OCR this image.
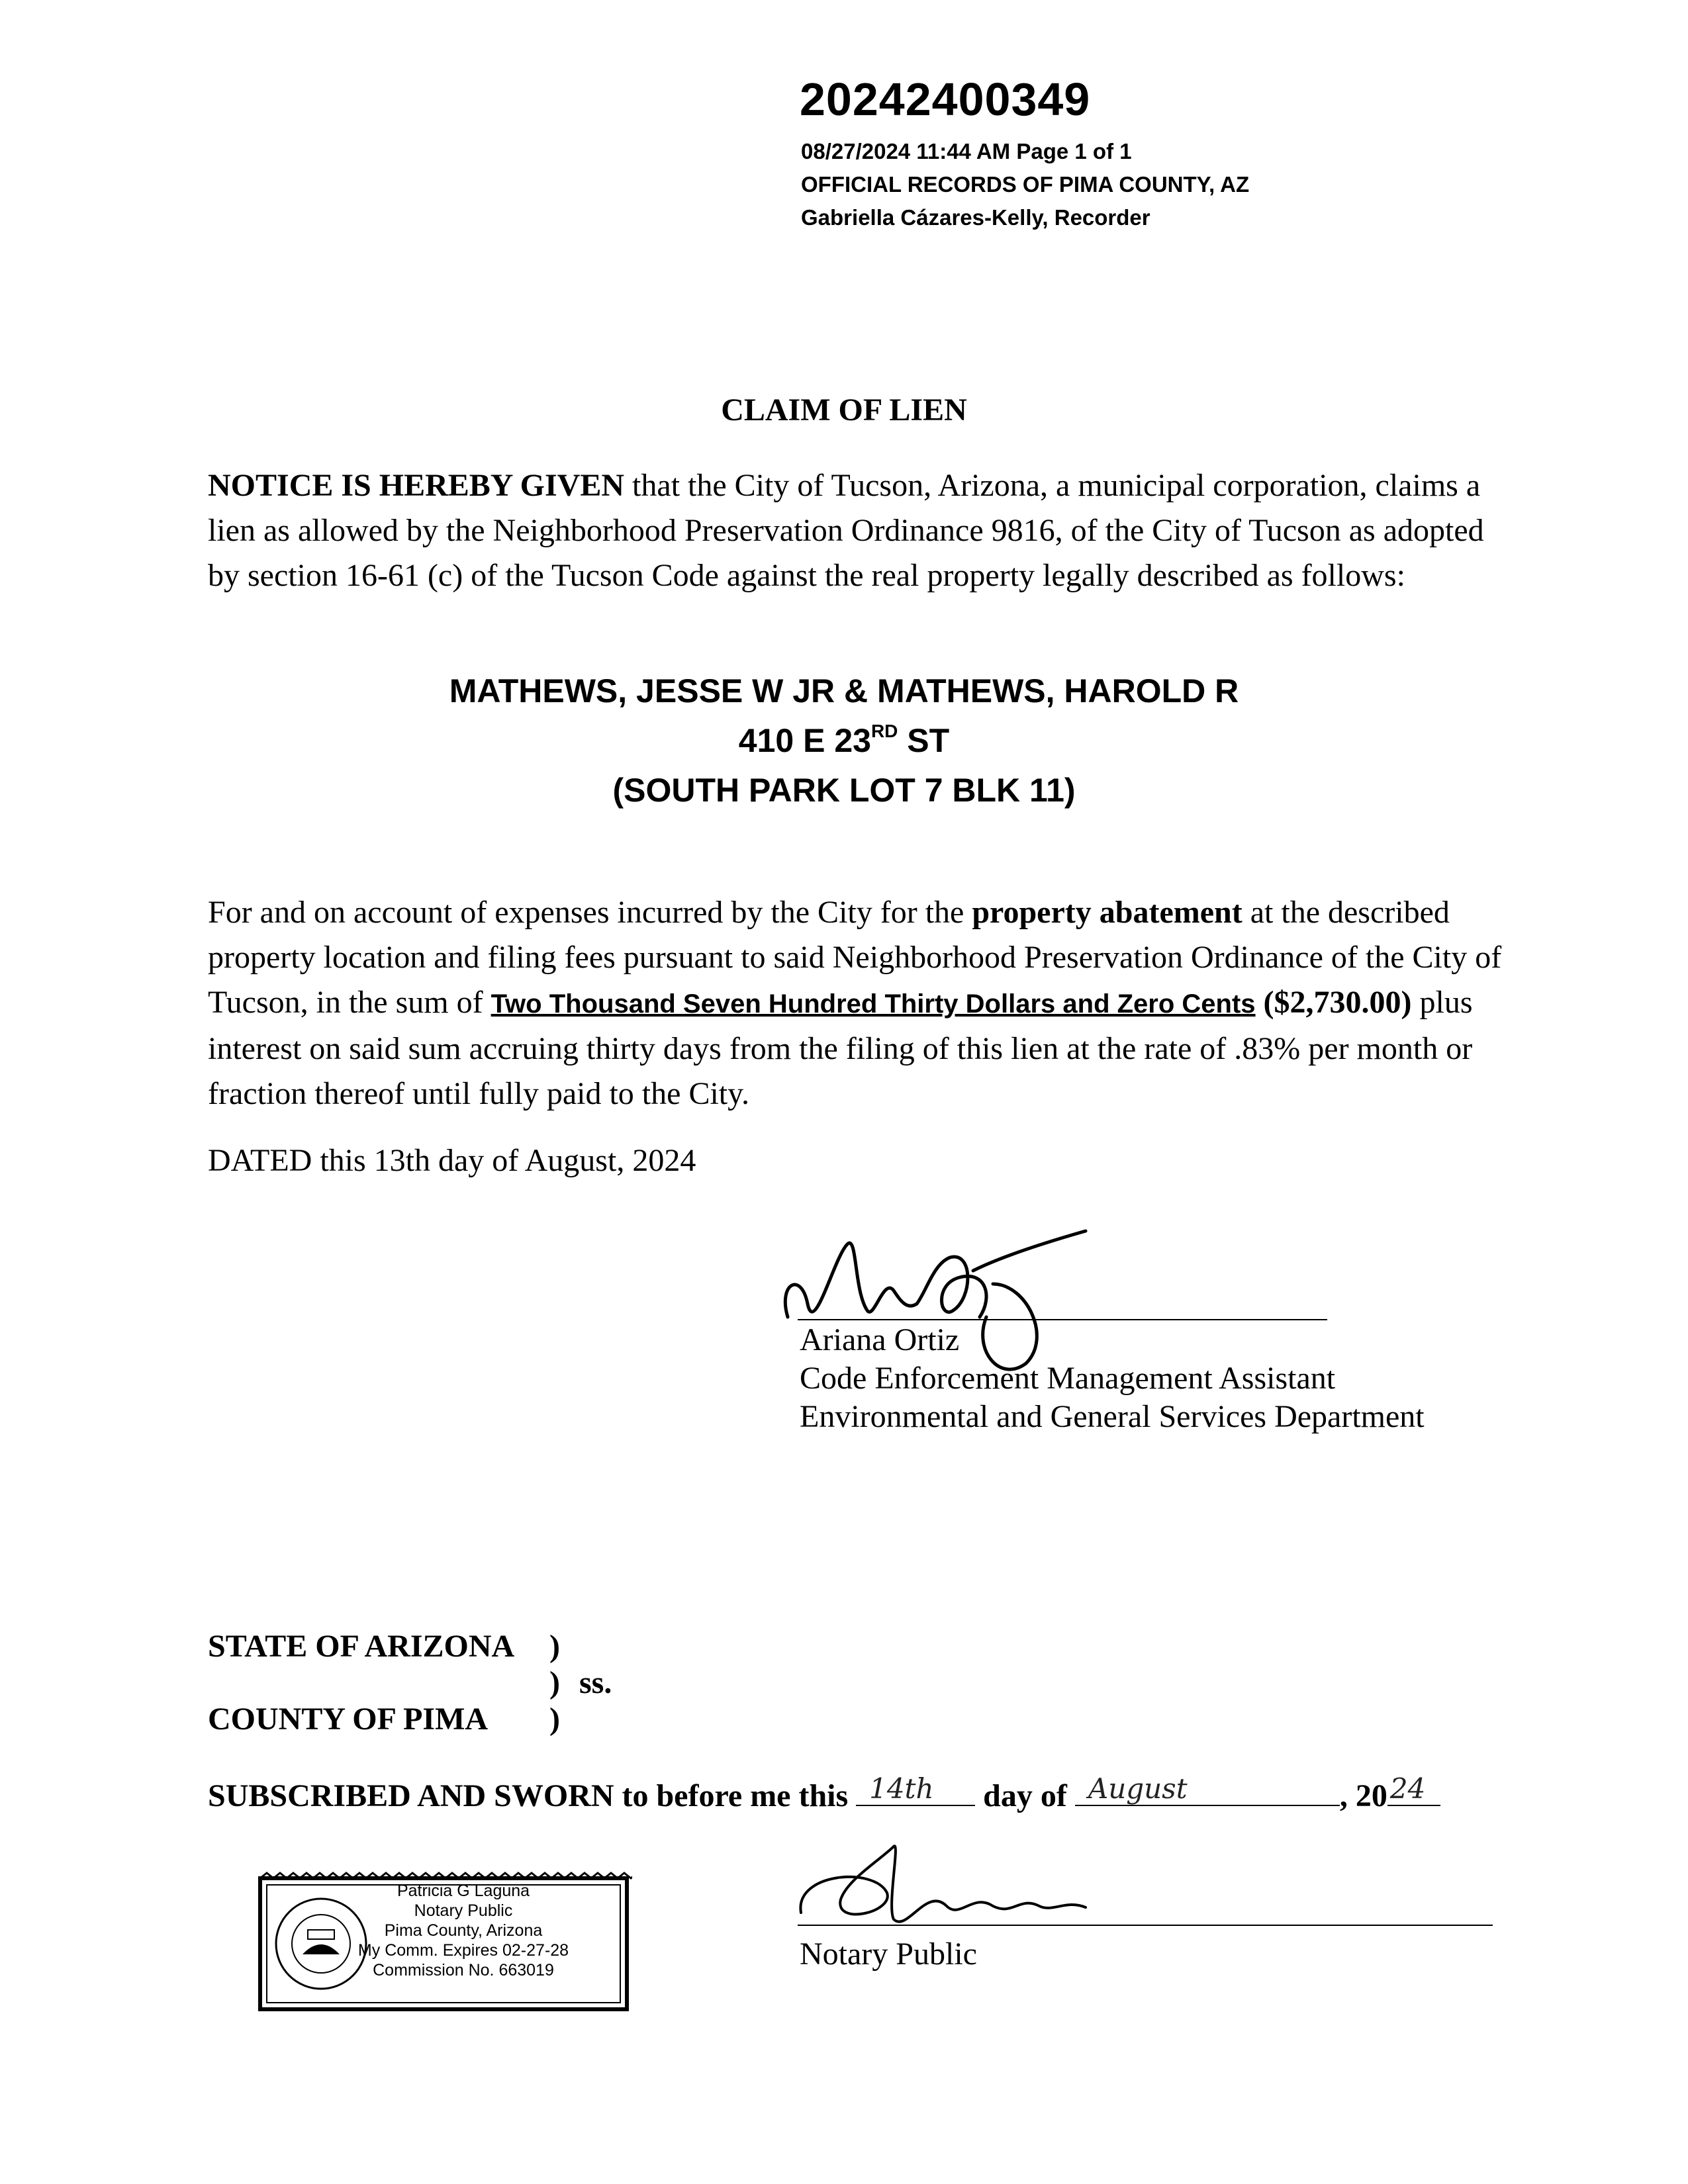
20242400349
08/27/2024 11:44 AM Page 1 of 1
OFFICIAL RECORDS OF PIMA COUNTY, AZ
Gabriella Cázares-Kelly, Recorder
CLAIM OF LIEN
NOTICE IS HEREBY GIVEN that the City of Tucson, Arizona, a municipal corporation, claims a lien as allowed by the Neighborhood Preservation Ordinance 9816, of the City of Tucson as adopted by section 16-61 (c) of the Tucson Code against the real property legally described as follows:
MATHEWS, JESSE W JR & MATHEWS, HAROLD R
410 E 23RD ST
(SOUTH PARK LOT 7 BLK 11)
For and on account of expenses incurred by the City for the property abatement at the described property location and filing fees pursuant to said Neighborhood Preservation Ordinance of the City of Tucson, in the sum of Two Thousand Seven Hundred Thirty Dollars and Zero Cents ($2,730.00) plus interest on said sum accruing thirty days from the filing of this lien at the rate of .83% per month or fraction thereof until fully paid to the City.
DATED this 13th day of August, 2024
Ariana Ortiz
Code Enforcement Management Assistant
Environmental and General Services Department
STATE OF ARIZONA )
) ss.
COUNTY OF PIMA )
SUBSCRIBED AND SWORN to before me this 14th day of August	, 20 24
Patricia G Laguna
Notary Public
Pima County, Arizona
My Comm. Expires 02-27-28
Commission No. 663019	Notary Public
